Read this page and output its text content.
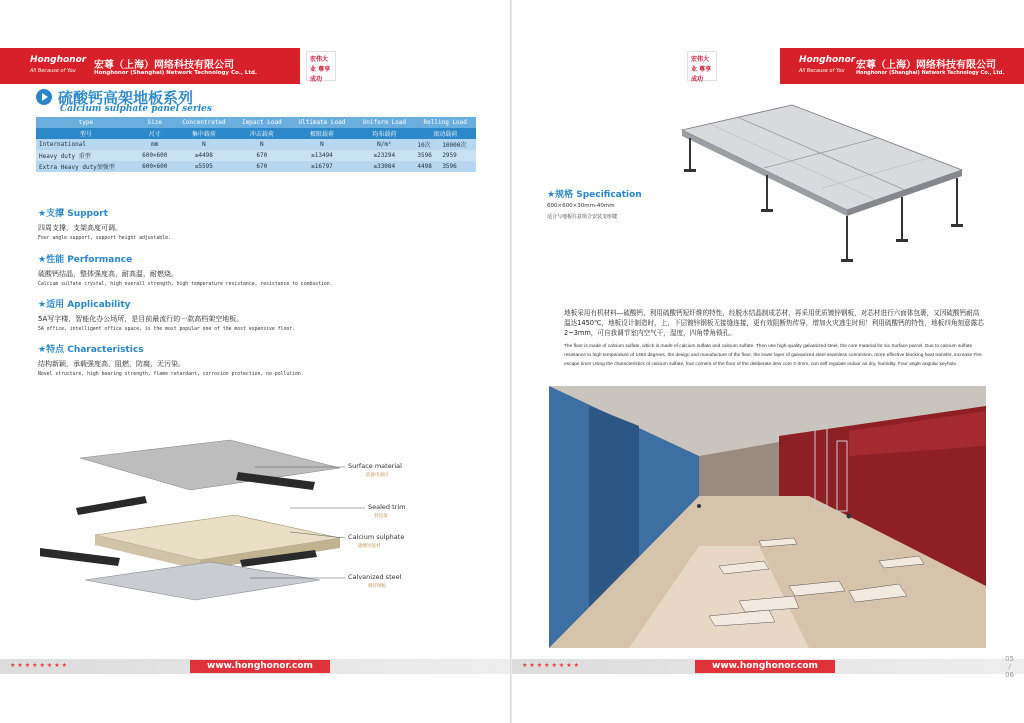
Honghonor
All Because of You 宏尊（上海）网络科技有限公司
Honghonor (Shanghai) Network Technology Co., Ltd.
宏伟大业 尊享成功
硫酸钙高架地板系列
Calcium sulphate panel series
type	Size	Concentrated	Impact Load	Ultimate Load	Uniform Load	Rolling Load	
型号	尺寸	集中载荷	冲击载荷	极限载荷	均布载荷	滚动载荷	
International	mm	N	N	N	N/m²	10次	10000次
Heavy duty 重型	600×600	≥4498	670	≥13494	≥23294	3596	2959
Extra Heavy duty加强型	600×600	≥5595	670	≥16797	≥33084	4498	3596
★支撑 Support
四周支撑，支架高度可调。
Four angle support, support height adjustable.
★性能 Performance
硫酸钙结晶，整体强度高，耐高温，耐燃烧。
Calcium sulfate crystal, high overall strength, high temperature resistance, resistance to combustion.
★适用 Applicability
5A写字楼，智能化办公场所，是目前最流行的一款高档架空地板。
5A office, intelligent office space, is the most popular one of the most expensive floor.
★特点 Characteristics
结构新颖，承载强度高，阻燃，防腐，无污染。
Novel structure, high bearing strength, flame retardant, corrosion protection, no pollution.
Surface material
防静电面层
Sealed trim
封边条
Calcium sulphate
硫酸钙基材
Calvanized steel
镀锌钢板
★★★★★★★★	www.honghonor.com
宏伟大业 尊享成功
Honghonor
All Because of You 宏尊（上海）网络科技有限公司
Honghonor (Shanghai) Network Technology Co., Ltd.
★规格 Specification
600×600×30mm-40mm
适合与地板往意组合安装支座键
地板采用有机材料—硫酸钙，利用硫酸钙短纤维的特性，经脱水结晶制成芯材，再采用优质镀锌钢板，对芯材进行六面体包裹，又因硫酸钙耐高温达1450℃，地板设计制造时，上，下层镀锌钢板无接缝连接，更有效阻断热传导，增加火灾逃生时间！利用硫酸钙的特性，地板四角刻意露芯2~3mm，可自我调节室内空气干，湿度，四角带角锁孔。
The floor is made of calcium sulfate, which is made of calcium sulfate and calcium sulfate. Then use high-quality galvanized steel, the core material for six Surface parcel. Due to calcium sulfate resistance to high temperature of 1450 degrees, the design and manufacture of the floor, the lower layer of galvanized steel seamless connection, more effective blocking heat transfer, increase Fire escape time! Using the characteristics of calcium sulfate, four corners of the floor of the deliberate dew core 2-3mm, can self regulate indoor air dry, humidity. Four angle angular keyhole.
★★★★★★★★	www.honghonor.com
05
/
06
